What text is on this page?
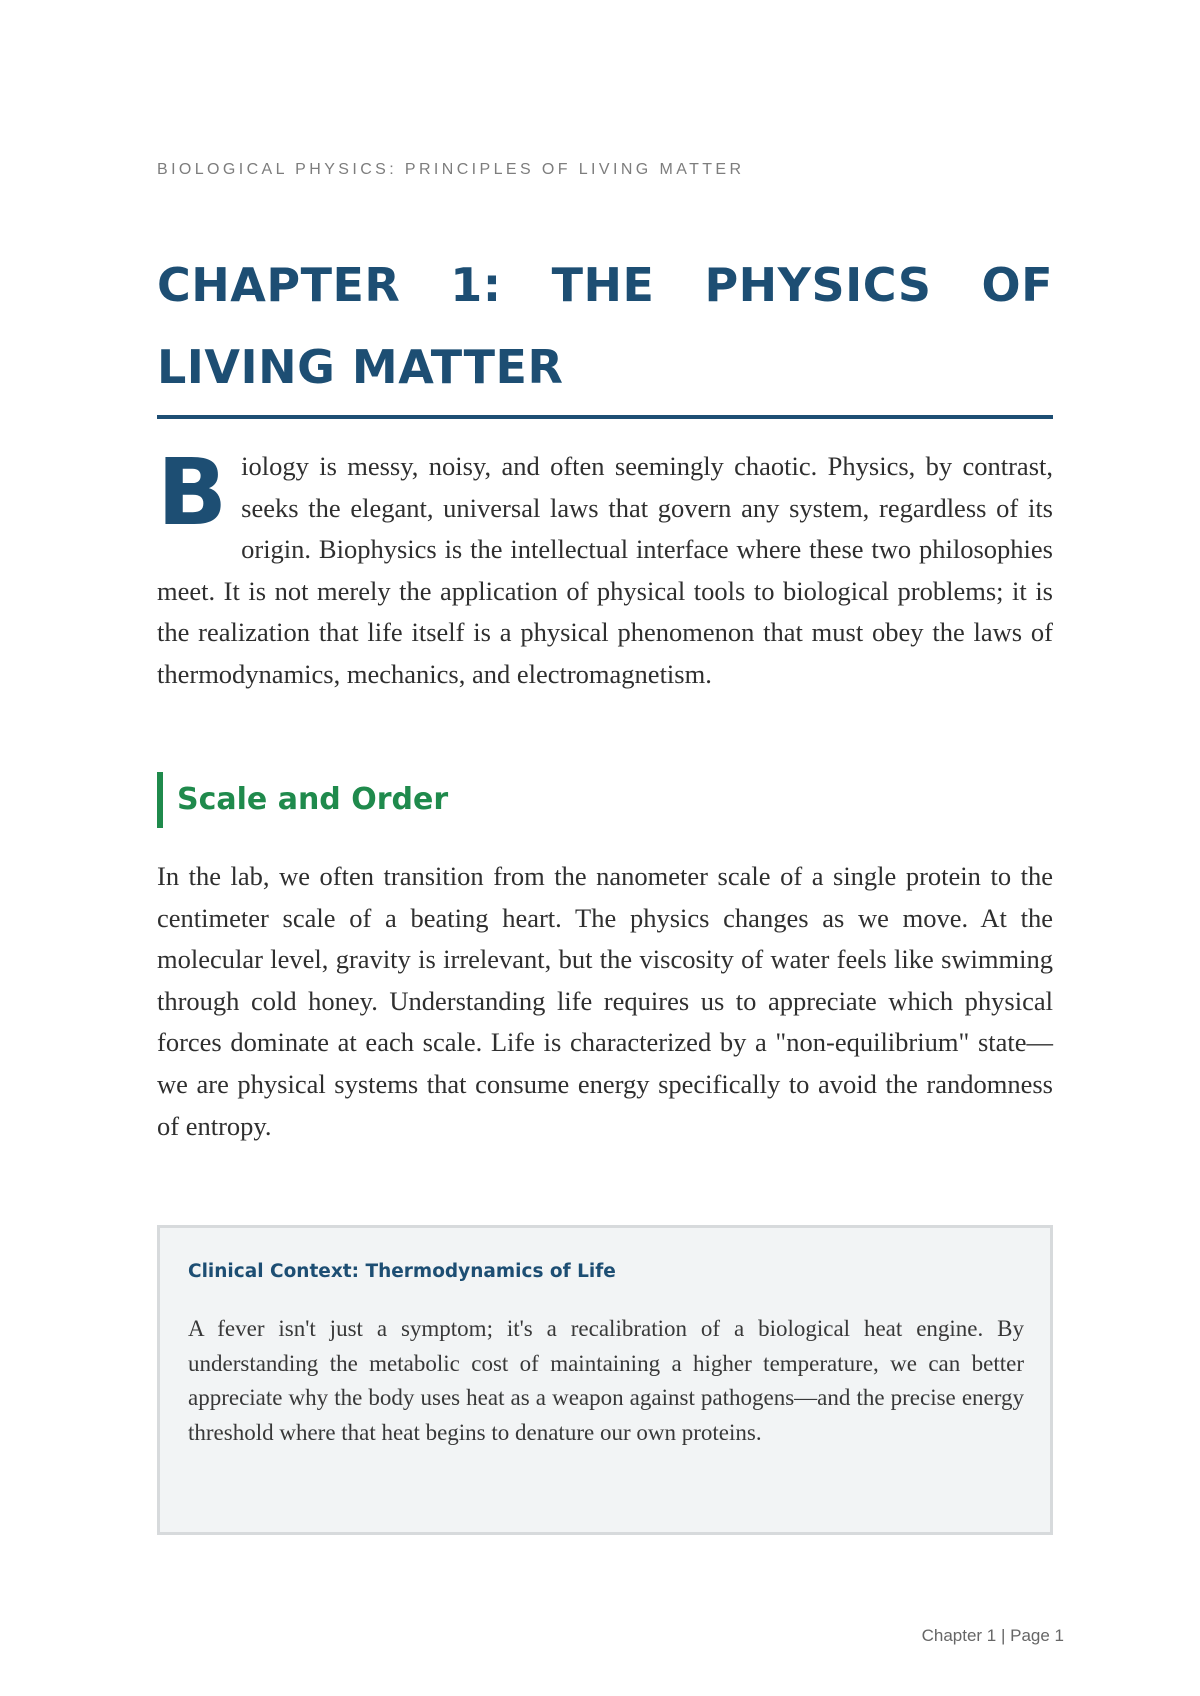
BIOLOGICAL PHYSICS: PRINCIPLES OF LIVING MATTER
CHAPTER 1: THE PHYSICS OF LIVING MATTER

Biology is messy, noisy, and often seemingly chaotic. Physics, by contrast, seeks the elegant, universal laws that govern any system, regardless of its origin. Biophysics is the intellectual interface where these two philosophies meet. It is not merely the application of physical tools to biological problems; it is the realization that life itself is a physical phenomenon that must obey the laws of thermodynamics, mechanics, and electromagnetism.

Scale and Order

In the lab, we often transition from the nanometer scale of a single protein to the centimeter scale of a beating heart. The physics changes as we move. At the molecular level, gravity is irrelevant, but the viscosity of water feels like swimming through cold honey. Understanding life requires us to appreciate which physical forces dominate at each scale. Life is characterized by a "non-equilibrium" state—we are physical systems that consume energy specifically to avoid the randomness of entropy.

Clinical Context: Thermodynamics of Life

A fever isn't just a symptom; it's a recalibration of a biological heat engine. By understanding the metabolic cost of maintaining a higher temperature, we can better appreciate why the body uses heat as a weapon against pathogens—and the precise energy threshold where that heat begins to denature our own proteins.

Chapter 1 | Page 1
